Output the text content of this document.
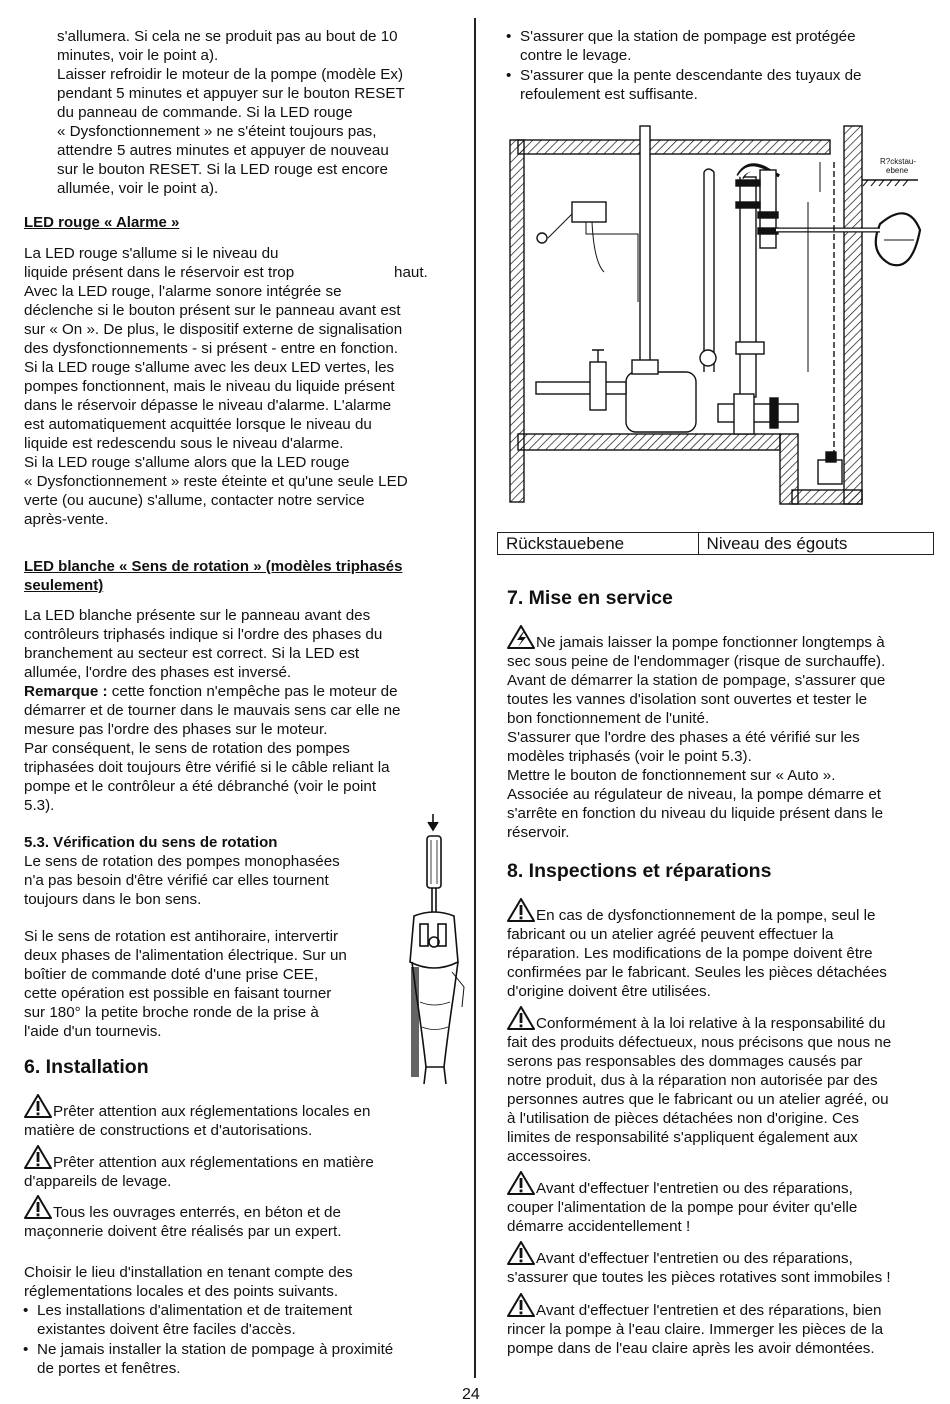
s'allumera. Si cela ne se produit pas au bout de 10
minutes, voir le point a).
Laisser refroidir le moteur de la pompe (modèle Ex)
pendant 5 minutes et appuyer sur le bouton RESET
du panneau de commande. Si la LED rouge
« Dysfonctionnement » ne s'éteint toujours pas,
attendre 5 autres minutes et appuyer de nouveau
sur le bouton RESET. Si la LED rouge est encore
allumée, voir le point a).

LED rouge « Alarme »

La LED rouge s'allume si le niveau du

liquide présent dans le réservoir est trop	haut.

Avec la LED rouge, l'alarme sonore intégrée se
déclenche si le bouton présent sur le panneau avant est
sur « On ». De plus, le dispositif externe de signalisation
des dysfonctionnements - si présent - entre en fonction.
Si la LED rouge s'allume avec les deux LED vertes, les
pompes fonctionnent, mais le niveau du liquide présent
dans le réservoir dépasse le niveau d'alarme. L'alarme
est automatiquement acquittée lorsque le niveau du
liquide est redescendu sous le niveau d'alarme.
Si la LED rouge s'allume alors que la LED rouge
« Dysfonctionnement » reste éteinte et qu'une seule LED
verte (ou aucune) s'allume, contacter notre service
après-vente.

LED blanche « Sens de rotation » (modèles triphasés
seulement)

La LED blanche présente sur le panneau avant des
contrôleurs triphasés indique si l'ordre des phases du
branchement au secteur est correct. Si la LED est
allumée, l'ordre des phases est inversé.

Remarque : cette fonction n'empêche pas le moteur de
démarrer et de tourner dans le mauvais sens car elle ne
mesure pas l'ordre des phases sur le moteur.
Par conséquent, le sens de rotation des pompes
triphasées doit toujours être vérifié si le câble reliant la
pompe et le contrôleur a été débranché (voir le point
5.3).

5.3. Vérification du sens de rotation

Le sens de rotation des pompes monophasées
n'a pas besoin d'être vérifié car elles tournent
toujours dans le bon sens.

Si le sens de rotation est antihoraire, intervertir
deux phases de l'alimentation électrique. Sur un
boîtier de commande doté d'une prise CEE,
cette opération est possible en faisant tourner
sur 180° la petite broche ronde de la prise à
l'aide d'un tournevis.

6. Installation

Prêter attention aux réglementations locales en
matière de constructions et d'autorisations.
Prêter attention aux réglementations en matière
d'appareils de levage.
Tous les ouvrages enterrés, en béton et de
maçonnerie doivent être réalisés par un expert.

Choisir le lieu d'installation en tenant compte des
réglementations locales et des points suivants.

• Les installations d'alimentation et de traitement
existantes doivent être faciles d'accès.

• Ne jamais installer la station de pompage à proximité
de portes et fenêtres.

• S'assurer que la station de pompage est protégée
contre le levage.

• S'assurer que la pente descendante des tuyaux de
refoulement est suffisante.

R?ckstau- ebene
Rückstauebene	Niveau des égouts

7. Mise en service

Ne jamais laisser la pompe fonctionner longtemps à
sec sous peine de l'endommager (risque de surchauffe).
Avant de démarrer la station de pompage, s'assurer que
toutes les vannes d'isolation sont ouvertes et tester le
bon fonctionnement de l'unité.
S'assurer que l'ordre des phases a été vérifié sur les
modèles triphasés (voir le point 5.3).
Mettre le bouton de fonctionnement sur « Auto ».
Associée au régulateur de niveau, la pompe démarre et
s'arrête en fonction du niveau du liquide présent dans le
réservoir.

8. Inspections et réparations

En cas de dysfonctionnement de la pompe, seul le
fabricant ou un atelier agréé peuvent effectuer la
réparation. Les modifications de la pompe doivent être
confirmées par le fabricant. Seules les pièces détachées
d'origine doivent être utilisées.
Conformément à la loi relative à la responsabilité du
fait des produits défectueux, nous précisons que nous ne
serons pas responsables des dommages causés par
notre produit, dus à la réparation non autorisée par des
personnes autres que le fabricant ou un atelier agréé, ou
à l'utilisation de pièces détachées non d'origine. Ces
limites de responsabilité s'appliquent également aux
accessoires.
Avant d'effectuer l'entretien ou des réparations,
couper l'alimentation de la pompe pour éviter qu'elle
démarre accidentellement !
Avant d'effectuer l'entretien ou des réparations,
s'assurer que toutes les pièces rotatives sont immobiles !
Avant d'effectuer l'entretien et des réparations, bien
rincer la pompe à l'eau claire. Immerger les pièces de la
pompe dans de l'eau claire après les avoir démontées.
24
